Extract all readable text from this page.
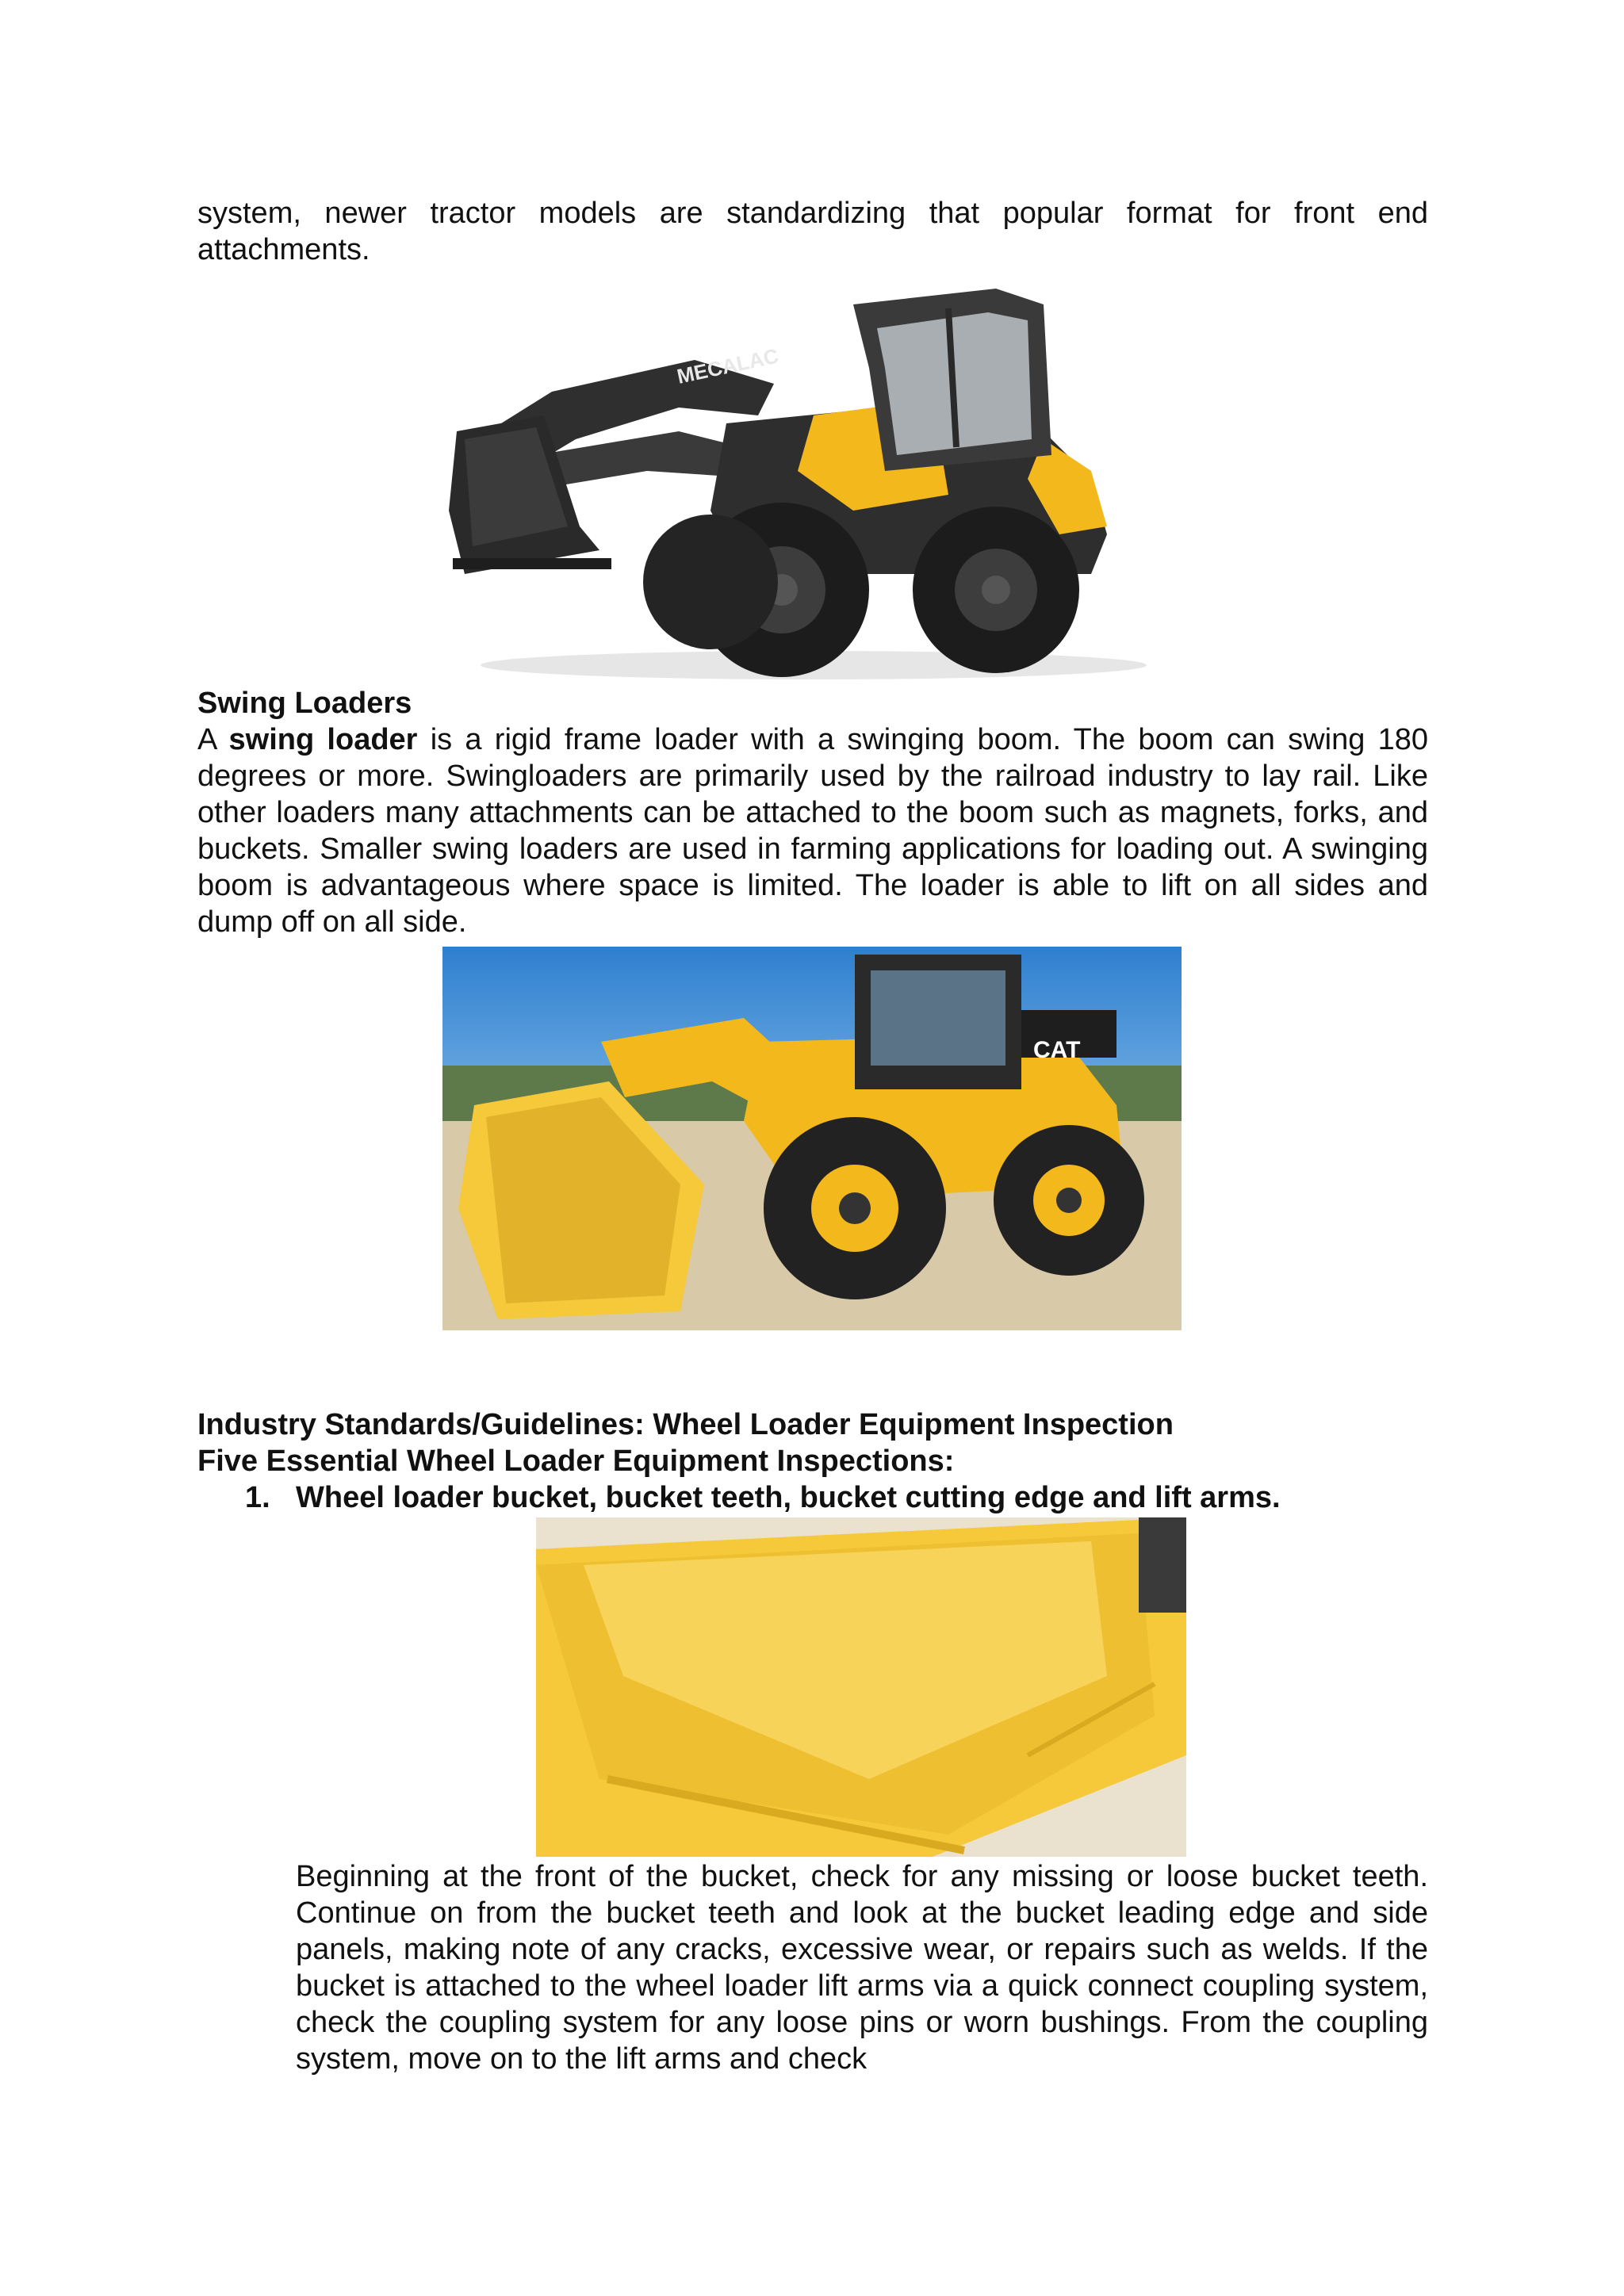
system, newer tractor models are standardizing that popular format for front end attachments.
MECALAC
Swing Loaders
A swing loader is a rigid frame loader with a swinging boom. The boom can swing 180 degrees or more. Swingloaders are primarily used by the railroad industry to lay rail. Like other loaders many attachments can be attached to the boom such as magnets, forks, and buckets. Smaller swing loaders are used in farming applications for loading out. A swinging boom is advantageous where space is limited. The loader is able to lift on all sides and dump off on all side.
CAT
Industry Standards/Guidelines: Wheel Loader Equipment Inspection
Five Essential Wheel Loader Equipment Inspections:
1. Wheel loader bucket, bucket teeth, bucket cutting edge and lift arms.
Beginning at the front of the bucket, check for any missing or loose bucket teeth. Continue on from the bucket teeth and look at the bucket leading edge and side panels, making note of any cracks, excessive wear, or repairs such as welds. If the bucket is attached to the wheel loader lift arms via a quick connect coupling system, check the coupling system for any loose pins or worn bushings. From the coupling system, move on to the lift arms and check
